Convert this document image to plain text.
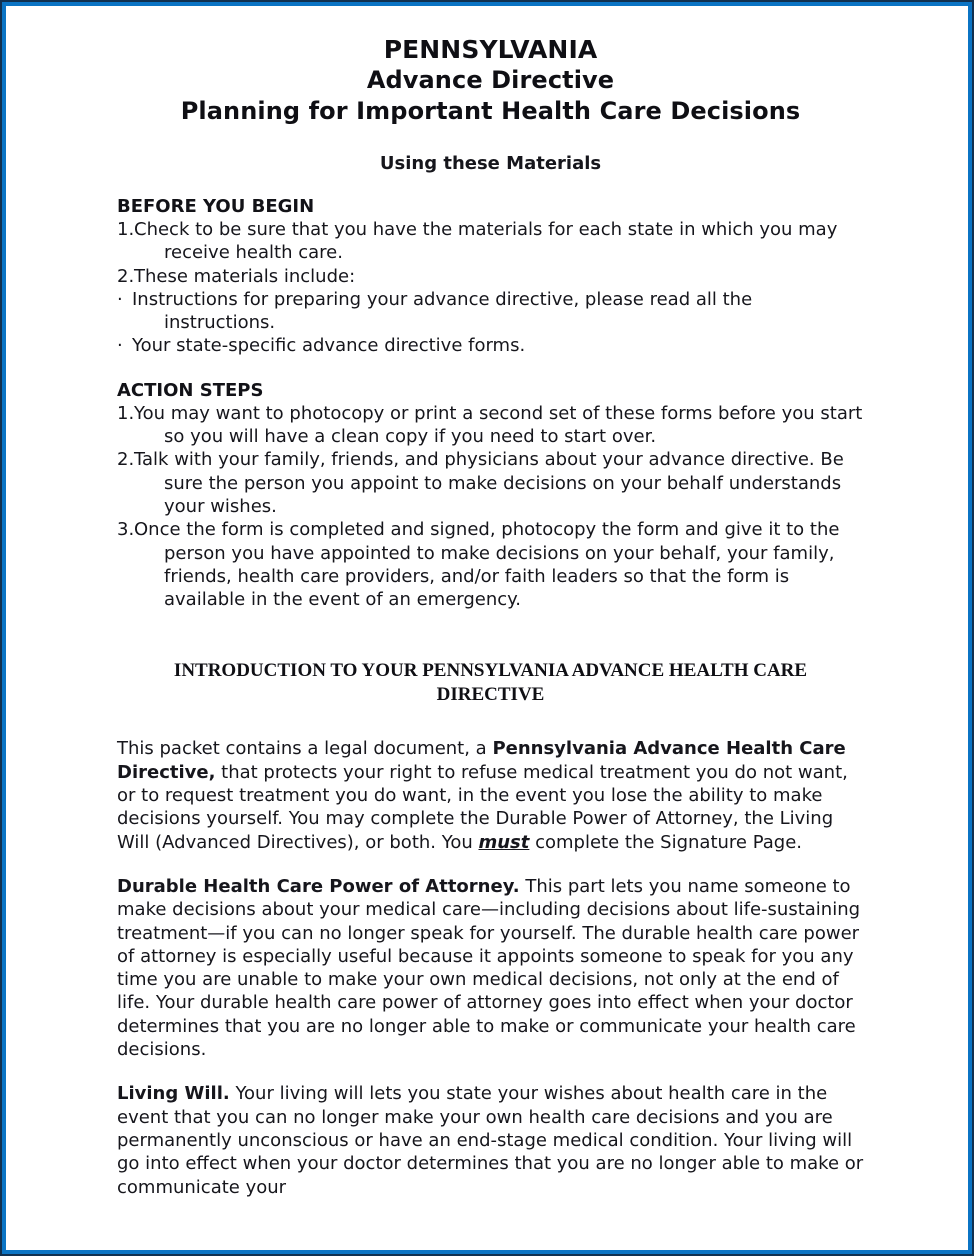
PENNSYLVANIA
Advance Directive
Planning for Important Health Care Decisions
Using these Materials
BEFORE YOU BEGIN

1.Check to be sure that you have the materials for each state in which you may receive health care.

2.These materials include:

· Instructions for preparing your advance directive, please read all the instructions.

· Your state-specific advance directive forms.

ACTION STEPS

1.You may want to photocopy or print a second set of these forms before you start so you will have a clean copy if you need to start over.

2.Talk with your family, friends, and physicians about your advance directive. Be sure the person you appoint to make decisions on your behalf understands your wishes.

3.Once the form is completed and signed, photocopy the form and give it to the person you have appointed to make decisions on your behalf, your family, friends, health care providers, and/or faith leaders so that the form is available in the event of an emergency.

INTRODUCTION TO YOUR PENNSYLVANIA ADVANCE HEALTH CARE DIRECTIVE

This packet contains a legal document, a Pennsylvania Advance Health Care Directive, that protects your right to refuse medical treatment you do not want, or to request treatment you do want, in the event you lose the ability to make decisions yourself. You may complete the Durable Power of Attorney, the Living Will (Advanced Directives), or both. You must complete the Signature Page.

Durable Health Care Power of Attorney. This part lets you name someone to make decisions about your medical care—including decisions about life-sustaining treatment—if you can no longer speak for yourself. The durable health care power of attorney is especially useful because it appoints someone to speak for you any time you are unable to make your own medical decisions, not only at the end of life. Your durable health care power of attorney goes into effect when your doctor determines that you are no longer able to make or communicate your health care decisions.

Living Will. Your living will lets you state your wishes about health care in the event that you can no longer make your own health care decisions and you are permanently unconscious or have an end-stage medical condition. Your living will go into effect when your doctor determines that you are no longer able to make or communicate your
